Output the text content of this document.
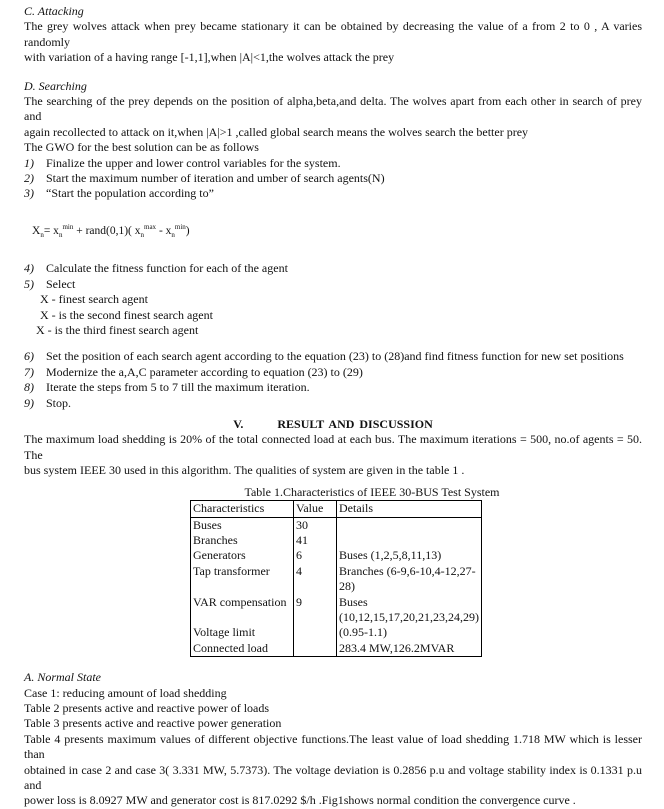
C. Attacking

The grey wolves attack when prey became stationary it can be obtained by decreasing the value of a from 2 to 0 , A varies randomly

with variation of a having range [-1,1],when |A|<1,the wolves attack the prey

D. Searching

The searching of the prey depends on the position of alpha,beta,and delta. The wolves apart from each other in search of prey and

again recollected to attack on it,when |A|>1 ,called global search means the wolves search the better prey

The GWO for the best solution can be as follows

1)	Finalize the upper and lower control variables for the system.
2)	Start the maximum number of iteration and umber of search agents(N)
3)	“Start the population according to”
$X_n= x_n^{min}$ + rand(0,1)( $x_n^{max} - x_n^{min}$)
4)	Calculate the fitness function for each of the agent
5)	Select
X - finest search agent
X - is the second finest search agent
X - is the third finest search agent
6)	Set the position of each search agent according to the equation (23) to (28)and find fitness function for new set positions
7)	Modernize the a,A,C parameter according to equation (23) to (29)
8)	Iterate the steps from 5 to 7 till the maximum iteration.
9)	Stop.

V.	RESULT AND DISCUSSION

The maximum load shedding is 20% of the total connected load at each bus. The maximum iterations = 500, no.of agents = 50. The

bus system IEEE 30 used in this algorithm. The qualities of system are given in the table 1 .

Table 1.Characteristics of IEEE 30-BUS Test System

Characteristics	Value	Details
Buses	30	
Branches	41	
Generators	6	Buses (1,2,5,8,11,13)
Tap transformer	4	Branches (6-9,6-10,4-12,27-28)
VAR compensation	9	Buses (10,12,15,17,20,21,23,24,29)
Voltage limit		(0.95-1.1)
Connected load		283.4 MW,126.2MVAR

A. Normal State

Case 1: reducing amount of load shedding

Table 2 presents active and reactive power of loads

Table 3 presents active and reactive power generation

Table 4 presents maximum values of different objective functions.The least value of load shedding 1.718 MW which is lesser than

obtained in case 2 and case 3( 3.331 MW, 5.7373). The voltage deviation is 0.2856 p.u and voltage stability index is 0.1331 p.u and

power loss is 8.0927 MW and generator cost is 817.0292 $/h .Fig1shows normal condition the convergence curve .
